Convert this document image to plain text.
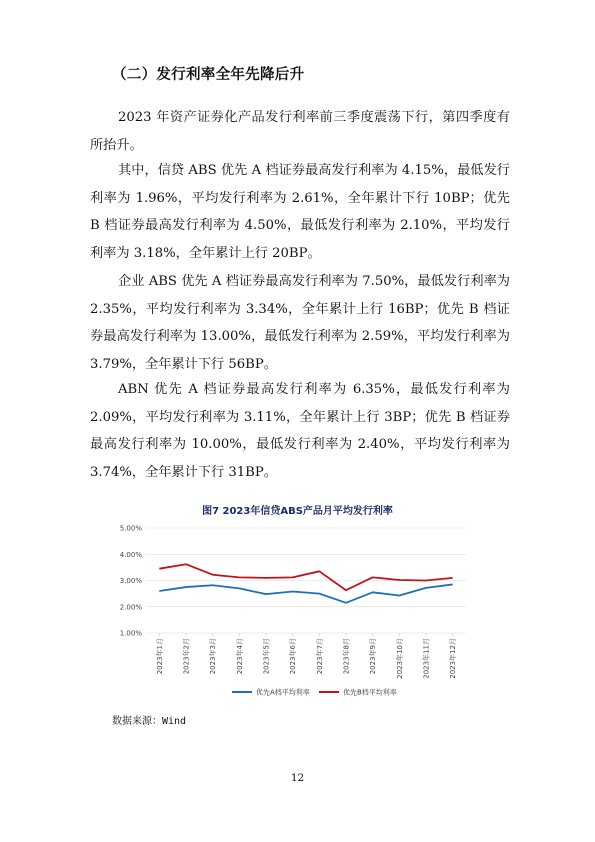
（二）发行利率全年先降后升

2023 年资产证券化产品发行利率前三季度震荡下行，第四季度有所抬升。

其中，信贷 ABS 优先 A 档证券最高发行利率为 4.15%，最低发行利率为 1.96%，平均发行利率为 2.61%，全年累计下行 10BP；优先 B 档证券最高发行利率为 4.50%，最低发行利率为 2.10%，平均发行利率为 3.18%，全年累计上行 20BP。

企业 ABS 优先 A 档证券最高发行利率为 7.50%，最低发行利率为 2.35%，平均发行利率为 3.34%，全年累计上行 16BP；优先 B 档证券最高发行利率为 13.00%，最低发行利率为 2.59%，平均发行利率为 3.79%，全年累计下行 56BP。

ABN 优先 A 档证券最高发行利率为 6.35%，最低发行利率为 2.09%，平均发行利率为 3.11%，全年累计上行 3BP；优先 B 档证券最高发行利率为 10.00%，最低发行利率为 2.40%，平均发行利率为 3.74%，全年累计下行 31BP。

图7 2023年信贷ABS产品月平均发行利率
1.00%
2.00%
3.00%
4.00%
5.00%
2023年1月	2023年2月	2023年3月	2023年4月	2023年5月	2023年6月	2023年7月	2023年8月	2023年9月	2023年10月	2023年11月	2023年12月
优先A档平均利率	优先B档平均利率
数据来源：Wind
12
